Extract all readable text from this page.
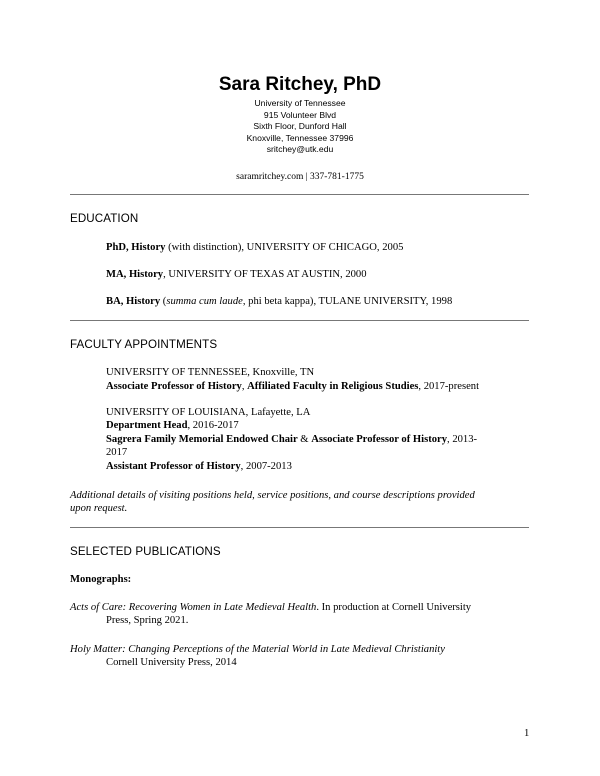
Sara Ritchey, PhD
University of Tennessee
915 Volunteer Blvd
Sixth Floor, Dunford Hall
Knoxville, Tennessee 37996
sritchey@utk.edu
saramritchey.com | 337-781-1775
EDUCATION
PhD, History (with distinction), UNIVERSITY OF CHICAGO, 2005
MA, History, UNIVERSITY OF TEXAS AT AUSTIN, 2000
BA, History (summa cum laude, phi beta kappa), TULANE UNIVERSITY, 1998
FACULTY APPOINTMENTS
UNIVERSITY OF TENNESSEE, Knoxville, TN
Associate Professor of History, Affiliated Faculty in Religious Studies, 2017-present
UNIVERSITY OF LOUISIANA, Lafayette, LA
Department Head, 2016-2017
Sagrera Family Memorial Endowed Chair & Associate Professor of History, 2013-
2017
Assistant Professor of History, 2007-2013
Additional details of visiting positions held, service positions, and course descriptions provided
upon request.
SELECTED PUBLICATIONS
Monographs:
Acts of Care: Recovering Women in Late Medieval Health. In production at Cornell University
Press, Spring 2021.
Holy Matter: Changing Perceptions of the Material World in Late Medieval Christianity
Cornell University Press, 2014
1
